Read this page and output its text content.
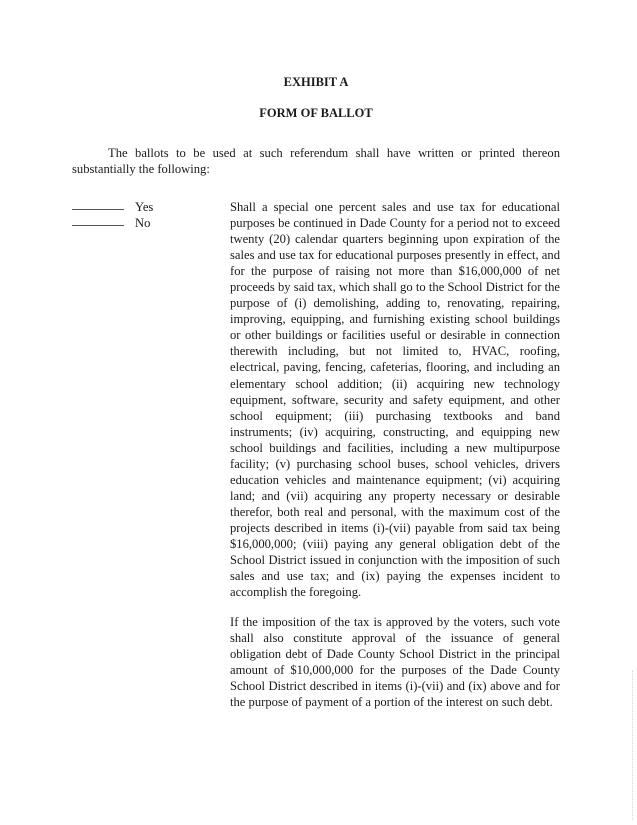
EXHIBIT A
FORM OF BALLOT
The ballots to be used at such referendum shall have written or printed thereon substantially the following:
Yes
No

Shall a special one percent sales and use tax for educational purposes be continued in Dade County for a period not to exceed twenty (20) calendar quarters beginning upon expiration of the sales and use tax for educational purposes presently in effect, and for the purpose of raising not more than $16,000,000 of net proceeds by said tax, which shall go to the School District for the purpose of (i) demolishing, adding to, renovating, repairing, improving, equipping, and furnishing existing school buildings or other buildings or facilities useful or desirable in connection therewith including, but not limited to, HVAC, roofing, electrical, paving, fencing, cafeterias, flooring, and including an elementary school addition; (ii) acquiring new technology equipment, software, security and safety equipment, and other school equipment; (iii) purchasing textbooks and band instruments; (iv) acquiring, constructing, and equipping new school buildings and facilities, including a new multipurpose facility; (v) purchasing school buses, school vehicles, drivers education vehicles and maintenance equipment; (vi) acquiring land; and (vii) acquiring any property necessary or desirable therefor, both real and personal, with the maximum cost of the projects described in items (i)-(vii) payable from said tax being $16,000,000; (viii) paying any general obligation debt of the School District issued in conjunction with the imposition of such sales and use tax; and (ix) paying the expenses incident to accomplish the foregoing.

If the imposition of the tax is approved by the voters, such vote shall also constitute approval of the issuance of general obligation debt of Dade County School District in the principal amount of $10,000,000 for the purposes of the Dade County School District described in items (i)-(vii) and (ix) above and for the purpose of payment of a portion of the interest on such debt.
